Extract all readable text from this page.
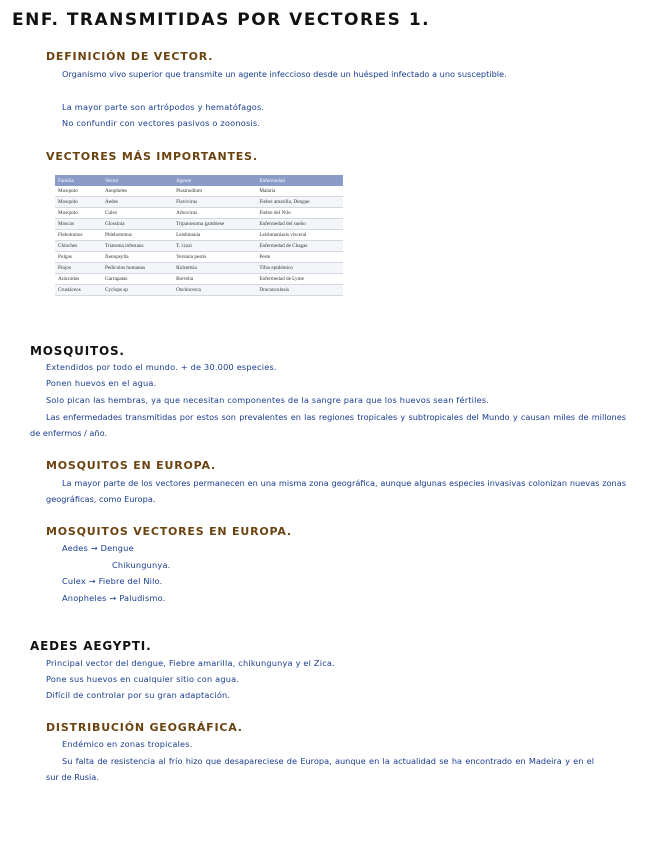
ENF. TRANSMITIDAS POR VECTORES 1.
DEFINICIÓN DE VECTOR.
Organismo vivo superior que transmite un agente infeccioso desde un huésped infectado a uno susceptible.
La mayor parte son artrópodos y hematófagos.
No confundir con vectores pasivos o zoonosis.
VECTORES MÁS IMPORTANTES.
Familia	Vector	Agente	Enfermedad
Mosquito	Anopheles	Plasmodium	Malaria
Mosquito	Aedes	Flavivirus	Fiebre amarilla, Dengue
Mosquito	Culex	Arbovirus	Fiebre del Nilo
Moscas	Glossinia	Tripanosoma gambiese	Enfermedad del sueño
Flebotomos	Phlebotomus	Leishmania	Leishmaniasis visceral
Chinches	Triatoma infestans	T. cruzi	Enfermedad de Chagas
Pulgas	Xenopsylla	Yersinia pestis	Peste
Piojos	Pediculus humanus	Rickettsia	Tifus epidémico
Arácnidos	Garrapatas	Borrelia	Enfermedad de Lyme
Crustáceos	Cyclops sp	Onchocerca	Dracunculosis
MOSQUITOS.
Extendidos por todo el mundo. + de 30.000 especies.
Ponen huevos en el agua.
Solo pican las hembras, ya que necesitan componentes de la sangre para que los huevos sean fértiles.
Las enfermedades transmitidas por estos son prevalentes en las regiones tropicales y subtropicales del Mundo y causan miles de millones de enfermos / año.
MOSQUITOS EN EUROPA.
La mayor parte de los vectores permanecen en una misma zona geográfica, aunque algunas especies invasivas colonizan nuevas zonas geográficas, como Europa.
MOSQUITOS VECTORES EN EUROPA.
Aedes → Dengue
Chikungunya.
Culex → Fiebre del Nilo.
Anopheles → Paludismo.
AEDES AEGYPTI.
Principal vector del dengue, Fiebre amarilla, chikungunya y el Zica.
Pone sus huevos en cualquier sitio con agua.
Difícil de controlar por su gran adaptación.
DISTRIBUCIÓN GEOGRÁFICA.
Endémico en zonas tropicales.
Su falta de resistencia al frío hizo que desapareciese de Europa, aunque en la actualidad se ha encontrado en Madeira y en el sur de Rusia.
